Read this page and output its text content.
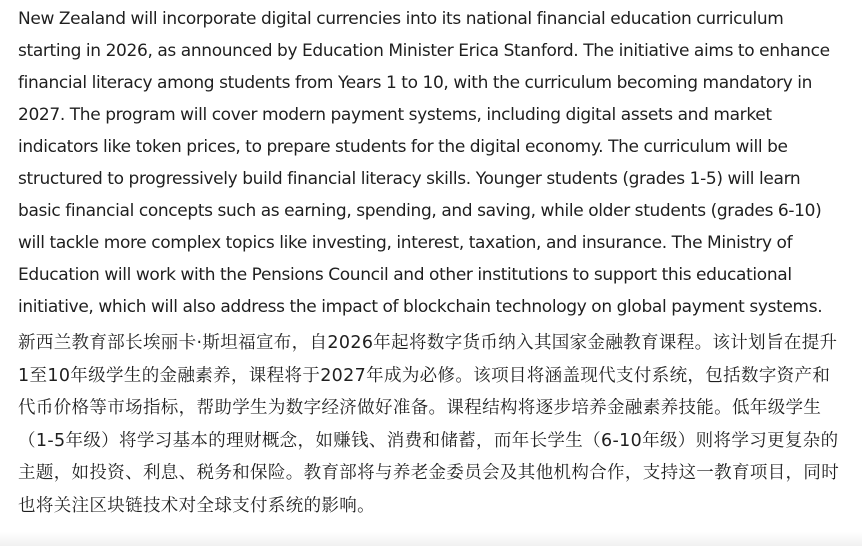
New Zealand will incorporate digital currencies into its national financial education curriculum starting in 2026, as announced by Education Minister Erica Stanford. The initiative aims to enhance financial literacy among students from Years 1 to 10, with the curriculum becoming mandatory in 2027. The program will cover modern payment systems, including digital assets and market indicators like token prices, to prepare students for the digital economy. The curriculum will be structured to progressively build financial literacy skills. Younger students (grades 1-5) will learn basic financial concepts such as earning, spending, and saving, while older students (grades 6-10) will tackle more complex topics like investing, interest, taxation, and insurance. The Ministry of Education will work with the Pensions Council and other institutions to support this educational initiative, which will also address the impact of blockchain technology on global payment systems.

新西兰教育部长埃丽卡·斯坦福宣布，自2026年起将数字货币纳入其国家金融教育课程。该计划旨在提升1至10年级学生的金融素养，课程将于2027年成为必修。该项目将涵盖现代支付系统，包括数字资产和代币价格等市场指标，帮助学生为数字经济做好准备。课程结构将逐步培养金融素养技能。低年级学生（1-5年级）将学习基本的理财概念，如赚钱、消费和储蓄，而年长学生（6-10年级）则将学习更复杂的主题，如投资、利息、税务和保险。教育部将与养老金委员会及其他机构合作，支持这一教育项目，同时也将关注区块链技术对全球支付系统的影响。
